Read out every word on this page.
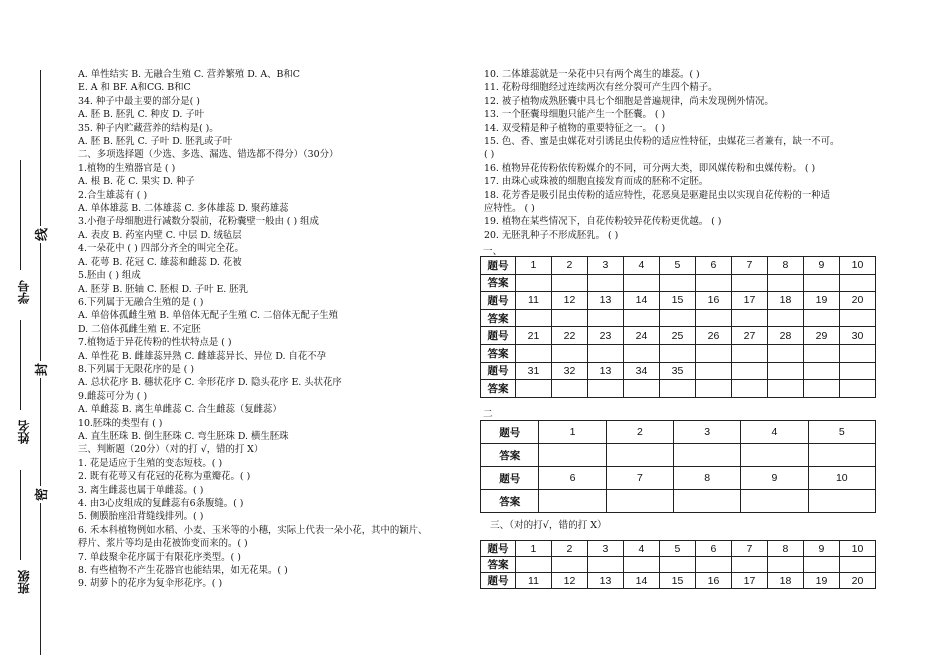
线
封
密
学号
姓名
班级
A. 单性结实 B. 无融合生殖 C. 营养繁殖 D. A、B和C
E. A 和 BF. A和CG. B和C
34. 种子中最主要的部分是( )
A. 胚 B. 胚乳 C. 种皮 D. 子叶
35. 种子内贮藏营养的结构是( )。
A. 胚 B. 胚乳 C. 子叶 D. 胚乳或子叶
二、多项选择题（少选、多选、漏选、错选都不得分）（30分）
1.植物的生殖器官是 ( )
A. 根 B. 花 C. 果实 D. 种子
2.合生雄蕊有 ( )
A. 单体雄蕊 B. 二体雄蕊 C. 多体雄蕊 D. 聚药雄蕊
3.小孢子母细胞进行减数分裂前，花粉囊壁一般由 ( ) 组成
A. 表皮 B. 药室内壁 C. 中层 D. 绒毡层
4.一朵花中 ( ) 四部分齐全的叫完全花。
A. 花萼 B. 花冠 C. 雄蕊和雌蕊 D. 花被
5.胚由 ( ) 组成
A. 胚芽 B. 胚轴 C. 胚根 D. 子叶 E. 胚乳
6.下列属于无融合生殖的是 ( )
A. 单倍体孤雌生殖 B. 单倍体无配子生殖 C. 二倍体无配子生殖
D. 二倍体孤雌生殖 E. 不定胚
7.植物适于异花传粉的性状特点是 ( )
A. 单性花 B. 雌雄蕊异熟 C. 雌雄蕊异长、异位 D. 自花不孕
8.下列属于无限花序的是 ( )
A. 总状花序 B. 穗状花序 C. 伞形花序 D. 隐头花序 E. 头状花序
9.雌蕊可分为 ( )
A. 单雌蕊 B. 离生单雌蕊 C. 合生雌蕊（复雌蕊）
10.胚珠的类型有 ( )
A. 直生胚珠 B. 倒生胚珠 C. 弯生胚珠 D. 横生胚珠
三、判断题（20分）（对的打 √，错的打 X）
1. 花是适应于生殖的变态短枝。( )
2. 既有花萼又有花冠的花称为重瓣花。( )
3. 离生雌蕊也属于单雌蕊。( )
4. 由3心皮组成的复雌蕊有6条腹缝。( )
5. 侧膜胎座沿背缝线排列。( )
6. 禾本科植物例如水稻、小麦、玉米等的小穗，实际上代表一朵小花，其中的颖片、
稃片、浆片等均是由花被饰变而来的。( )
7. 单歧聚伞花序属于有限花序类型。( )
8. 有些植物不产生花器官也能结果，如无花果。( )
9. 胡萝卜的花序为复伞形花序。( )
10. 二体雄蕊就是一朵花中只有两个离生的雄蕊。( )
11. 花粉母细胞经过连续两次有丝分裂可产生四个精子。
12. 被子植物成熟胚囊中具七个细胞是普遍规律，尚未发现例外情况。
13. 一个胚囊母细胞只能产生一个胚囊。 ( )
14. 双受精是种子植物的重要特征之一。 ( )
15. 色、香、蜜是虫媒花对引诱昆虫传粉的适应性特征，虫媒花三者兼有，缺一不可。
( )
16. 植物异花传粉依传粉媒介的不同，可分两大类，即风媒传粉和虫媒传粉。 ( )
17. 由珠心或珠被的细胞直接发育而成的胚称不定胚。
18. 花芳香是吸引昆虫传粉的适应特性，花恶臭是驱避昆虫以实现自花传粉的一种适
应特性。 ( )
19. 植物在某些情况下，自花传粉较异花传粉更优越。 ( )
20. 无胚乳种子不形成胚乳。 ( )
一、
题号	1	2	3	4	5	6	7	8	9	10
答案										
题号	11	12	13	14	15	16	17	18	19	20
答案										
题号	21	22	23	24	25	26	27	28	29	30
答案										
题号	31	32	13	34	35					
答案										
二
题号	1	2	3	4	5
答案					
题号	6	7	8	9	10
答案					
三、（对的打√，错的打 X）
题号	1	2	3	4	5	6	7	8	9	10
答案										
题号	11	12	13	14	15	16	17	18	19	20
